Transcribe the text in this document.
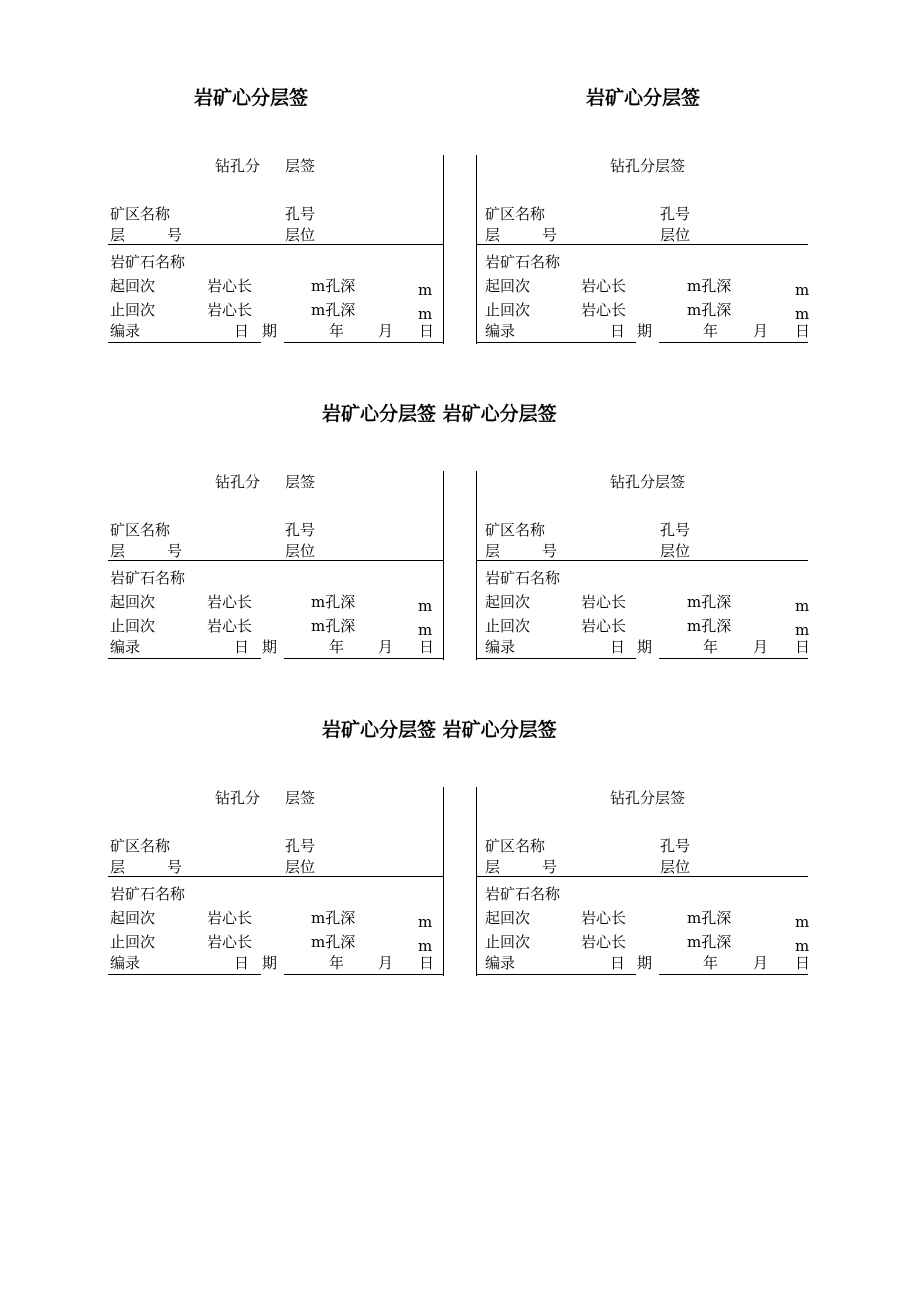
岩矿心分层签	岩矿心分层签
钻孔分 层签
矿区名称	孔号
层	号	层位
岩矿石名称
起回次	岩心长	m孔深	m
止回次	岩心长	m孔深	m
编录	日 期	年 月 日
钻孔分层签
矿区名称	孔号
层	号	层位
岩矿石名称
起回次	岩心长	m孔深	m
止回次	岩心长	m孔深	m
编录	日 期	年 月 日
岩矿心分层签 岩矿心分层签
钻孔分 层签
矿区名称	孔号
层	号	层位
岩矿石名称
起回次	岩心长	m孔深	m
止回次	岩心长	m孔深	m
编录	日 期	年 月 日
钻孔分层签
矿区名称	孔号
层	号	层位
岩矿石名称
起回次	岩心长	m孔深	m
止回次	岩心长	m孔深	m
编录	日 期	年 月 日
岩矿心分层签 岩矿心分层签
钻孔分 层签
矿区名称	孔号
层	号	层位
岩矿石名称
起回次	岩心长	m孔深	m
止回次	岩心长	m孔深	m
编录	日 期	年 月 日
钻孔分层签
矿区名称	孔号
层	号	层位
岩矿石名称
起回次	岩心长	m孔深	m
止回次	岩心长	m孔深	m
编录	日 期	年 月 日
